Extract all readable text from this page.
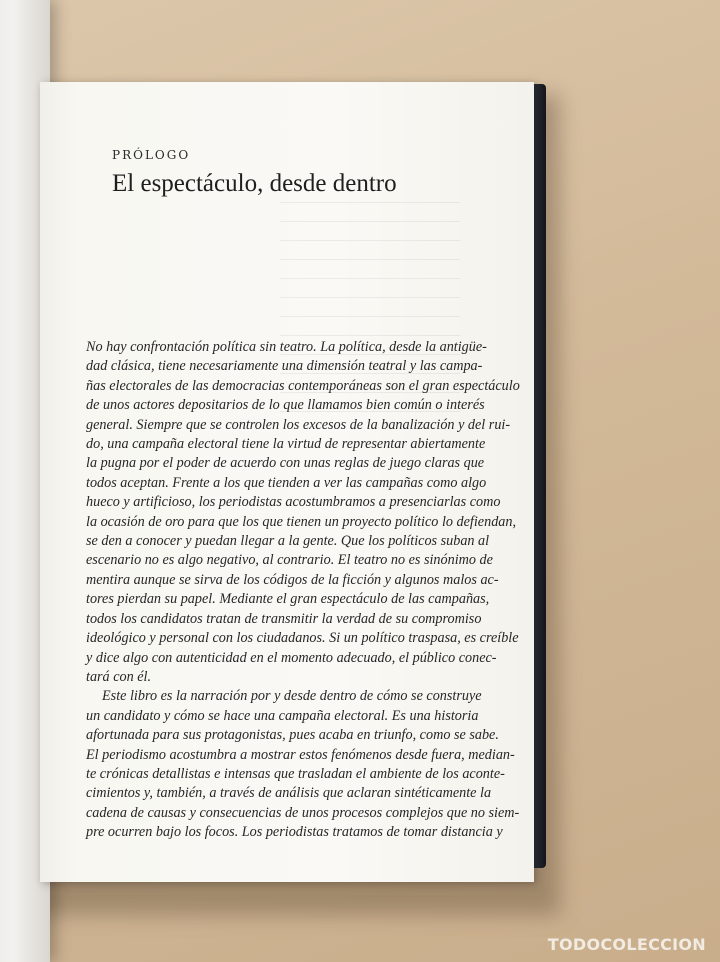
PRÓLOGO
El espectáculo, desde dentro
No hay confrontación política sin teatro. La política, desde la antigüe-
dad clásica, tiene necesariamente una dimensión teatral y las campa-
ñas electorales de las democracias contemporáneas son el gran espectáculo
de unos actores depositarios de lo que llamamos bien común o interés
general. Siempre que se controlen los excesos de la banalización y del rui-
do, una campaña electoral tiene la virtud de representar abiertamente
la pugna por el poder de acuerdo con unas reglas de juego claras que
todos aceptan. Frente a los que tienden a ver las campañas como algo
hueco y artificioso, los periodistas acostumbramos a presenciarlas como
la ocasión de oro para que los que tienen un proyecto político lo defiendan,
se den a conocer y puedan llegar a la gente. Que los políticos suban al
escenario no es algo negativo, al contrario. El teatro no es sinónimo de
mentira aunque se sirva de los códigos de la ficción y algunos malos ac-
tores pierdan su papel. Mediante el gran espectáculo de las campañas,
todos los candidatos tratan de transmitir la verdad de su compromiso
ideológico y personal con los ciudadanos. Si un político traspasa, es creíble
y dice algo con autenticidad en el momento adecuado, el público conec-
tará con él.
Este libro es la narración por y desde dentro de cómo se construye
un candidato y cómo se hace una campaña electoral. Es una historia
afortunada para sus protagonistas, pues acaba en triunfo, como se sabe.
El periodismo acostumbra a mostrar estos fenómenos desde fuera, median-
te crónicas detallistas e intensas que trasladan el ambiente de los aconte-
cimientos y, también, a través de análisis que aclaran sintéticamente la
cadena de causas y consecuencias de unos procesos complejos que no siem-
pre ocurren bajo los focos. Los periodistas tratamos de tomar distancia y
TODOCOLECCION
